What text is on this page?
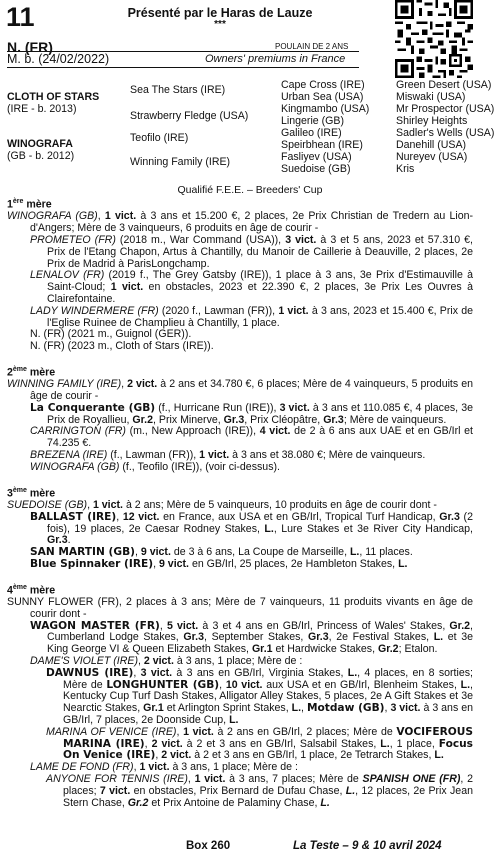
11	Présenté par le Haras de Lauze
***
N. (FR)	POULAIN DE 2 ANS
M. b. (24/02/2022)	Owners' premiums in France
CLOTH OF STARS
(IRE - b. 2013)
WINOGRAFA
(GB - b. 2012)
Sea The Stars (IRE)
Strawberry Fledge (USA)
Teofilo (IRE)
Winning Family (IRE)
Cape Cross (IRE)
Urban Sea (USA)
Kingmambo (USA)
Lingerie (GB)
Galileo (IRE)
Speirbhean (IRE)
Fasliyev (USA)
Suedoise (GB)
Green Desert (USA)
Miswaki (USA)
Mr Prospector (USA)
Shirley Heights
Sadler's Wells (USA)
Danehill (USA)
Nureyev (USA)
Kris
Qualifié F.E.E. – Breeders' Cup
1ère mère

WINOGRAFA (GB), 1 vict. à 3 ans et 15.200 €, 2 places, 2e Prix Christian de Tredern au Lion-d'Angers; Mère de 3 vainqueurs, 6 produits en âge de courir -

PROMETEO (FR) (2018 m., War Command (USA)), 3 vict. à 3 et 5 ans, 2023 et 57.310 €, Prix de l'Etang Chapon, Artus à Chantilly, du Manoir de Caillerie à Deauville, 2 places, 2e Prix de Madrid à ParisLongchamp.

LENALOV (FR) (2019 f., The Grey Gatsby (IRE)), 1 place à 3 ans, 3e Prix d'Estimauville à Saint-Cloud; 1 vict. en obstacles, 2023 et 22.390 €, 2 places, 3e Prix Les Ouvres à Clairefontaine.

LADY WINDERMERE (FR) (2020 f., Lawman (FR)), 1 vict. à 3 ans, 2023 et 15.400 €, Prix de l'Eglise Ruinee de Champlieu à Chantilly, 1 place.

N. (FR) (2021 m., Guignol (GER)).

N. (FR) (2023 m., Cloth of Stars (IRE)).

2ème mère

WINNING FAMILY (IRE), 2 vict. à 2 ans et 34.780 €, 6 places; Mère de 4 vainqueurs, 5 produits en âge de courir -

La Conquerante (GB) (f., Hurricane Run (IRE)), 3 vict. à 3 ans et 110.085 €, 4 places, 3e Prix de Royallieu, Gr.2, Prix Minerve, Gr.3, Prix Cléopâtre, Gr.3; Mère de vainqueurs.

CARRINGTON (FR) (m., New Approach (IRE)), 4 vict. de 2 à 6 ans aux UAE et en GB/Irl et 74.235 €.

BREZENA (IRE) (f., Lawman (FR)), 1 vict. à 3 ans et 38.080 €; Mère de vainqueurs.

WINOGRAFA (GB) (f., Teofilo (IRE)), (voir ci-dessus).

3ème mère

SUEDOISE (GB), 1 vict. à 2 ans; Mère de 5 vainqueurs, 10 produits en âge de courir dont -

BALLAST (IRE), 12 vict. en France, aux USA et en GB/Irl, Tropical Turf Handicap, Gr.3 (2 fois), 19 places, 2e Caesar Rodney Stakes, L., Lure Stakes et 3e River City Handicap, Gr.3.

SAN MARTIN (GB), 9 vict. de 3 à 6 ans, La Coupe de Marseille, L., 11 places.

Blue Spinnaker (IRE), 9 vict. en GB/Irl, 25 places, 2e Hambleton Stakes, L.

4ème mère

SUNNY FLOWER (FR), 2 places à 3 ans; Mère de 7 vainqueurs, 11 produits vivants en âge de courir dont -

WAGON MASTER (FR), 5 vict. à 3 et 4 ans en GB/Irl, Princess of Wales' Stakes, Gr.2, Cumberland Lodge Stakes, Gr.3, September Stakes, Gr.3, 2e Festival Stakes, L. et 3e King George VI & Queen Elizabeth Stakes, Gr.1 et Hardwicke Stakes, Gr.2; Etalon.

DAME'S VIOLET (IRE), 2 vict. à 3 ans, 1 place; Mère de :

DAWNUS (IRE), 3 vict. à 3 ans en GB/Irl, Virginia Stakes, L., 4 places, en 8 sorties; Mère de LONGHUNTER (GB), 10 vict. aux USA et en GB/Irl, Blenheim Stakes, L., Kentucky Cup Turf Dash Stakes, Alligator Alley Stakes, 5 places, 2e A Gift Stakes et 3e Nearctic Stakes, Gr.1 et Arlington Sprint Stakes, L., Motdaw (GB), 3 vict. à 3 ans en GB/Irl, 7 places, 2e Doonside Cup, L.

MARINA OF VENICE (IRE), 1 vict. à 2 ans en GB/Irl, 2 places; Mère de VOCIFEROUS MARINA (IRE), 2 vict. à 2 et 3 ans en GB/Irl, Salsabil Stakes, L., 1 place, Focus On Venice (IRE), 2 vict. à 2 et 3 ans en GB/Irl, 1 place, 2e Tetrarch Stakes, L.

LAME DE FOND (FR), 1 vict. à 3 ans, 1 place; Mère de :

ANYONE FOR TENNIS (IRE), 1 vict. à 3 ans, 7 places; Mère de SPANISH ONE (FR), 2 places; 7 vict. en obstacles, Prix Bernard de Dufau Chase, L., 12 places, 2e Prix Jean Stern Chase, Gr.2 et Prix Antoine de Palaminy Chase, L.

Box 260	La Teste – 9 & 10 avril 2024
